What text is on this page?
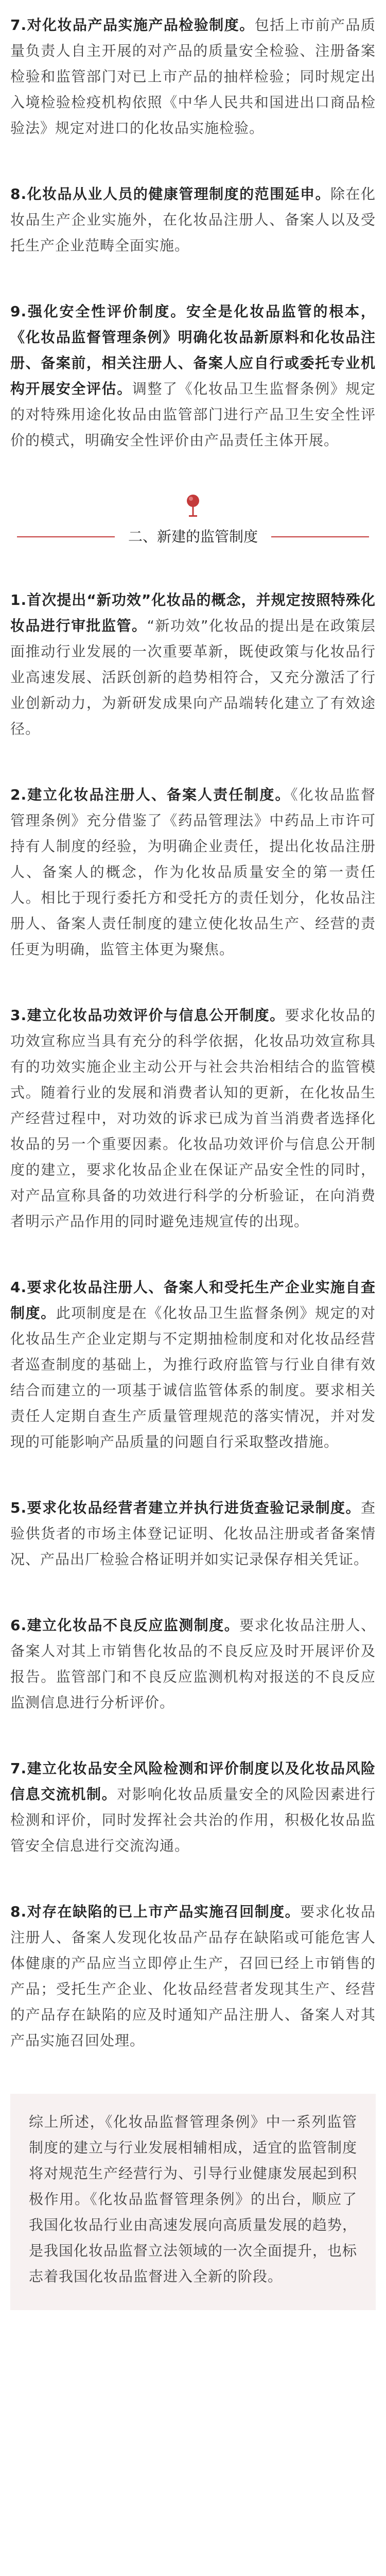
7.对化妆品产品实施产品检验制度。包括上市前产品质量负责人自主开展的对产品的质量安全检验、注册备案检验和监管部门对已上市产品的抽样检验；同时规定出入境检验检疫机构依照《中华人民共和国进出口商品检验法》规定对进口的化妆品实施检验。

8.化妆品从业人员的健康管理制度的范围延申。除在化妆品生产企业实施外，在化妆品注册人、备案人以及受托生产企业范畴全面实施。

9.强化安全性评价制度。安全是化妆品监管的根本，《化妆品监督管理条例》明确化妆品新原料和化妆品注册、备案前，相关注册人、备案人应自行或委托专业机构开展安全评估。调整了《化妆品卫生监督条例》规定的对特殊用途化妆品由监管部门进行产品卫生安全性评价的模式，明确安全性评价由产品责任主体开展。

二、新建的监管制度

1.首次提出“新功效”化妆品的概念，并规定按照特殊化妆品进行审批监管。“新功效”化妆品的提出是在政策层面推动行业发展的一次重要革新，既使政策与化妆品行业高速发展、活跃创新的趋势相符合，又充分激活了行业创新动力，为新研发成果向产品端转化建立了有效途径。

2.建立化妆品注册人、备案人责任制度。《化妆品监督管理条例》充分借鉴了《药品管理法》中药品上市许可持有人制度的经验，为明确企业责任，提出化妆品注册人、备案人的概念，作为化妆品质量安全的第一责任人。相比于现行委托方和受托方的责任划分，化妆品注册人、备案人责任制度的建立使化妆品生产、经营的责任更为明确，监管主体更为聚焦。

3.建立化妆品功效评价与信息公开制度。要求化妆品的功效宣称应当具有充分的科学依据，化妆品功效宣称具有的功效实施企业主动公开与社会共治相结合的监管模式。随着行业的发展和消费者认知的更新，在化妆品生产经营过程中，对功效的诉求已成为首当消费者选择化妆品的另一个重要因素。化妆品功效评价与信息公开制度的建立，要求化妆品企业在保证产品安全性的同时，对产品宣称具备的功效进行科学的分析验证，在向消费者明示产品作用的同时避免违规宣传的出现。

4.要求化妆品注册人、备案人和受托生产企业实施自查制度。此项制度是在《化妆品卫生监督条例》规定的对化妆品生产企业定期与不定期抽检制度和对化妆品经营者巡查制度的基础上，为推行政府监管与行业自律有效结合而建立的一项基于诚信监管体系的制度。要求相关责任人定期自查生产质量管理规范的落实情况，并对发现的可能影响产品质量的问题自行采取整改措施。

5.要求化妆品经营者建立并执行进货查验记录制度。查验供货者的市场主体登记证明、化妆品注册或者备案情况、产品出厂检验合格证明并如实记录保存相关凭证。

6.建立化妆品不良反应监测制度。要求化妆品注册人、备案人对其上市销售化妆品的不良反应及时开展评价及报告。监管部门和不良反应监测机构对报送的不良反应监测信息进行分析评价。

7.建立化妆品安全风险检测和评价制度以及化妆品风险信息交流机制。对影响化妆品质量安全的风险因素进行检测和评价，同时发挥社会共治的作用，积极化妆品监管安全信息进行交流沟通。

8.对存在缺陷的已上市产品实施召回制度。要求化妆品注册人、备案人发现化妆品产品存在缺陷或可能危害人体健康的产品应当立即停止生产，召回已经上市销售的产品；受托生产企业、化妆品经营者发现其生产、经营的产品存在缺陷的应及时通知产品注册人、备案人对其产品实施召回处理。

综上所述，《化妆品监督管理条例》中一系列监管制度的建立与行业发展相辅相成，适宜的监管制度将对规范生产经营行为、引导行业健康发展起到积极作用。《化妆品监督管理条例》的出台，顺应了我国化妆品行业由高速发展向高质量发展的趋势，是我国化妆品监督立法领域的一次全面提升，也标志着我国化妆品监督进入全新的阶段。
